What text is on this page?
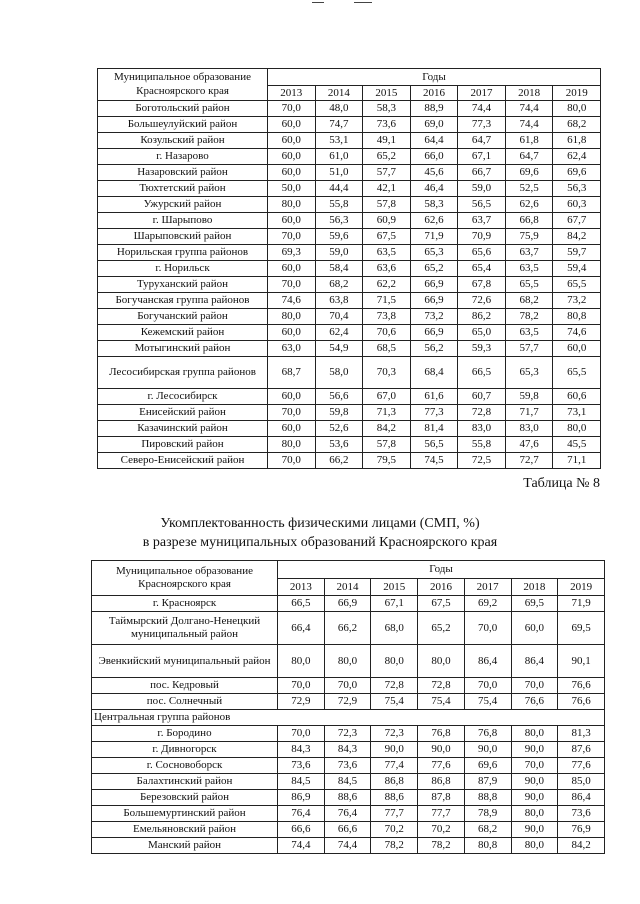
Муниципальное образование
Красноярского края	Годы						
	2013	2014	2015	2016	2017	2018	2019
Боготольский район	70,0	48,0	58,3	88,9	74,4	74,4	80,0
Большеулуйский район	60,0	74,7	73,6	69,0	77,3	74,4	68,2
Козульский район	60,0	53,1	49,1	64,4	64,7	61,8	61,8
г. Назарово	60,0	61,0	65,2	66,0	67,1	64,7	62,4
Назаровский район	60,0	51,0	57,7	45,6	66,7	69,6	69,6
Тюхтетский район	50,0	44,4	42,1	46,4	59,0	52,5	56,3
Ужурский район	80,0	55,8	57,8	58,3	56,5	62,6	60,3
г. Шарыпово	60,0	56,3	60,9	62,6	63,7	66,8	67,7
Шарыповский район	70,0	59,6	67,5	71,9	70,9	75,9	84,2
Норильская группа районов	69,3	59,0	63,5	65,3	65,6	63,7	59,7
г. Норильск	60,0	58,4	63,6	65,2	65,4	63,5	59,4
Туруханский район	70,0	68,2	62,2	66,9	67,8	65,5	65,5
Богучанская группа районов	74,6	63,8	71,5	66,9	72,6	68,2	73,2
Богучанский район	80,0	70,4	73,8	73,2	86,2	78,2	80,8
Кежемский район	60,0	62,4	70,6	66,9	65,0	63,5	74,6
Мотыгинский район	63,0	54,9	68,5	56,2	59,3	57,7	60,0
Лесосибирская группа районов	68,7	58,0	70,3	68,4	66,5	65,3	65,5
г. Лесосибирск	60,0	56,6	67,0	61,6	60,7	59,8	60,6
Енисейский район	70,0	59,8	71,3	77,3	72,8	71,7	73,1
Казачинский район	60,0	52,6	84,2	81,4	83,0	83,0	80,0
Пировский район	80,0	53,6	57,8	56,5	55,8	47,6	45,5
Северо-Енисейский район	70,0	66,2	79,5	74,5	72,5	72,7	71,1
Таблица № 8
Укомплектованность физическими лицами (СМП, %)
в разрезе муниципальных образований Красноярского края
Муниципальное образование
Красноярского края	Годы						
	2013	2014	2015	2016	2017	2018	2019
г. Красноярск	66,5	66,9	67,1	67,5	69,2	69,5	71,9
Таймырский Долгано-Ненецкий муниципальный район	66,4	66,2	68,0	65,2	70,0	60,0	69,5
Эвенкийский муниципальный район	80,0	80,0	80,0	80,0	86,4	86,4	90,1
пос. Кедровый	70,0	70,0	72,8	72,8	70,0	70,0	76,6
пос. Солнечный	72,9	72,9	75,4	75,4	75,4	76,6	76,6
Центральная группа районов							
г. Бородино	70,0	72,3	72,3	76,8	76,8	80,0	81,3
г. Дивногорск	84,3	84,3	90,0	90,0	90,0	90,0	87,6
г. Сосновоборск	73,6	73,6	77,4	77,6	69,6	70,0	77,6
Балахтинский район	84,5	84,5	86,8	86,8	87,9	90,0	85,0
Березовский район	86,9	88,6	88,6	87,8	88,8	90,0	86,4
Большемуртинский район	76,4	76,4	77,7	77,7	78,9	80,0	73,6
Емельяновский район	66,6	66,6	70,2	70,2	68,2	90,0	76,9
Манский район	74,4	74,4	78,2	78,2	80,8	80,0	84,2
